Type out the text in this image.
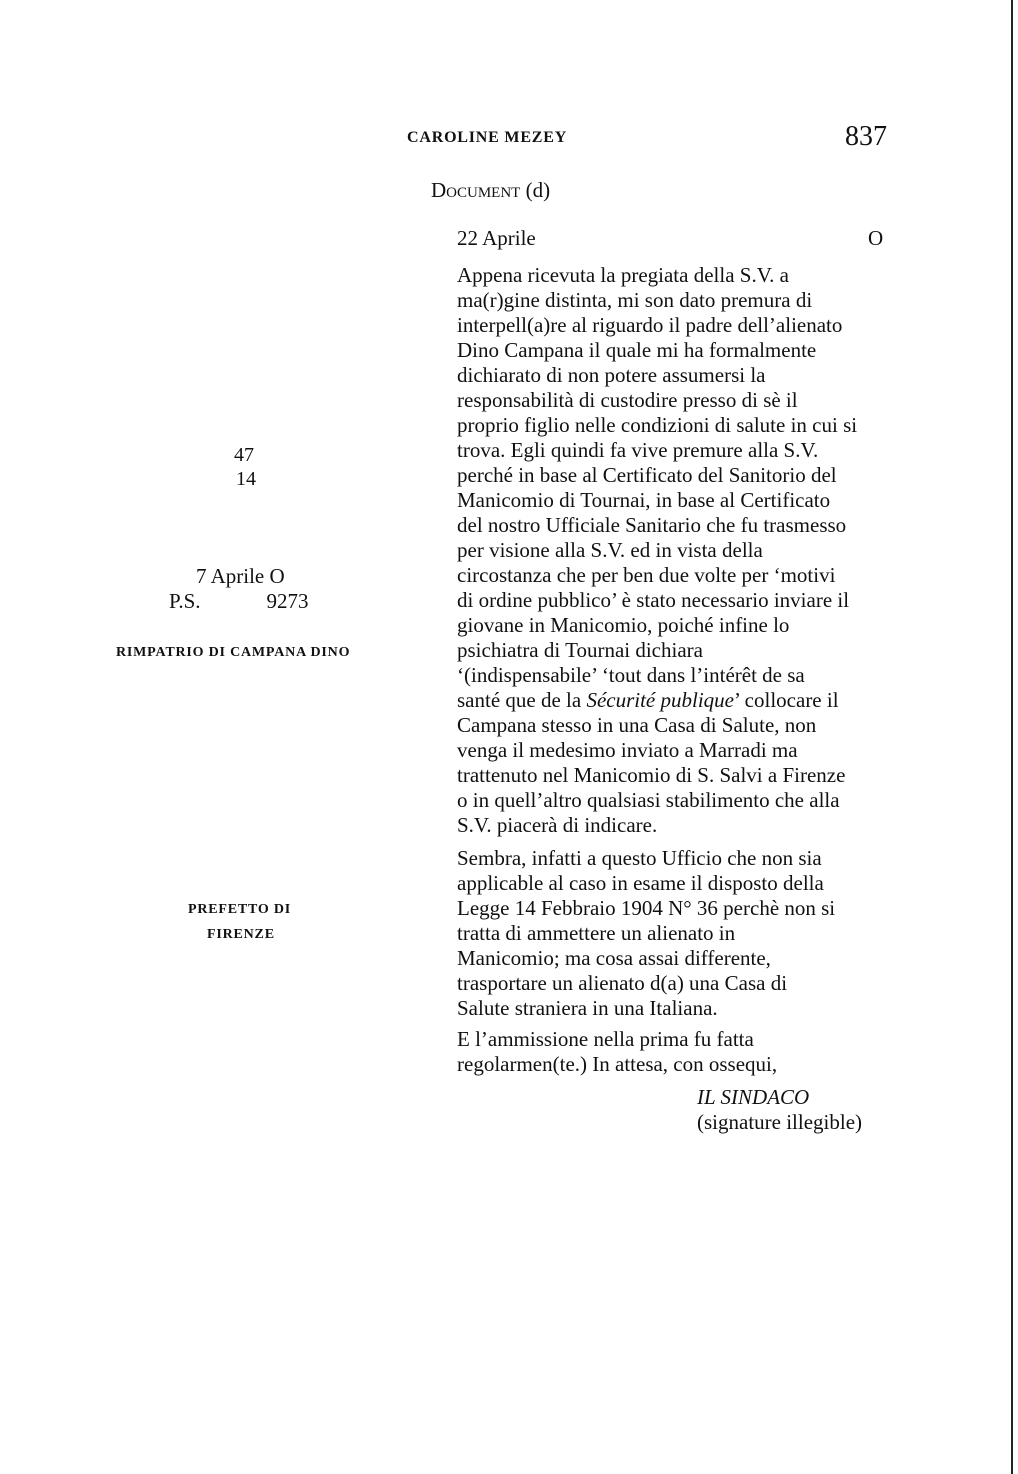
CAROLINE MEZEY	837
Document (d)
22 Aprile	O
47
14
7 Aprile O
P.S.	9273
RIMPATRIO DI CAMPANA DINO
PREFETTO DI
FIRENZE
Appena ricevuta la pregiata della S.V. a
ma(r)gine distinta, mi son dato premura di
interpell(a)re al riguardo il padre dell’alienato
Dino Campana il quale mi ha formalmente
dichiarato di non potere assumersi la
responsabilità di custodire presso di sè il
proprio figlio nelle condizioni di salute in cui si
trova. Egli quindi fa vive premure alla S.V.
perché in base al Certificato del Sanitorio del
Manicomio di Tournai, in base al Certificato
del nostro Ufficiale Sanitario che fu trasmesso
per visione alla S.V. ed in vista della
circostanza che per ben due volte per ‘motivi
di ordine pubblico’ è stato necessario inviare il
giovane in Manicomio, poiché infine lo
psichiatra di Tournai dichiara
‘(indispensabile’ ‘tout dans l’intérêt de sa
santé que de la Sécurité publique’ collocare il
Campana stesso in una Casa di Salute, non
venga il medesimo inviato a Marradi ma
trattenuto nel Manicomio di S. Salvi a Firenze
o in quell’altro qualsiasi stabilimento che alla
S.V. piacerà di indicare.
Sembra, infatti a questo Ufficio che non sia
applicable al caso in esame il disposto della
Legge 14 Febbraio 1904 N° 36 perchè non si
tratta di ammettere un alienato in
Manicomio; ma cosa assai differente,
trasportare un alienato d(a) una Casa di
Salute straniera in una Italiana.
E l’ammissione nella prima fu fatta
regolarmen(te.) In attesa, con ossequi,
IL SINDACO
(signature illegible)
